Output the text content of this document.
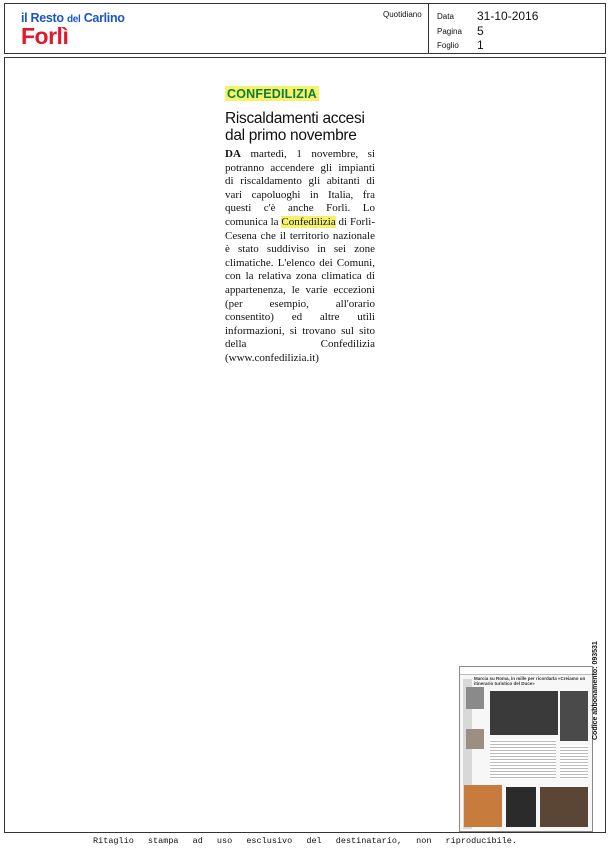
il Resto del Carlino
Forlì
Quotidiano Data 31-10-2016
Pagina 5
Foglio 1
CONFEDILIZIA
Riscaldamenti accesi dal primo novembre
DA martedì, 1 novembre, si potranno accendere gli impianti di riscaldamento gli abitanti di vari capoluoghi in Italia, fra questi c'è anche Forlì. Lo comunica la Confedilizia di Forlì-Cesena che il territorio nazionale è stato suddiviso in sei zone climatiche. L'elenco dei Comuni, con la relativa zona climatica di appartenenza, le varie eccezioni (per esempio, all'orario consentito) ed altre utili informazioni, si trovano sul sito della Confedilizia (www.confedilizia.it)
Marcia su Roma, in mille per ricordarla «Creiamo un itinerario turistico del Duce»	Codice abbonamento: 093531
Ritaglio stampa ad uso esclusivo del destinatario, non riproducibile.
